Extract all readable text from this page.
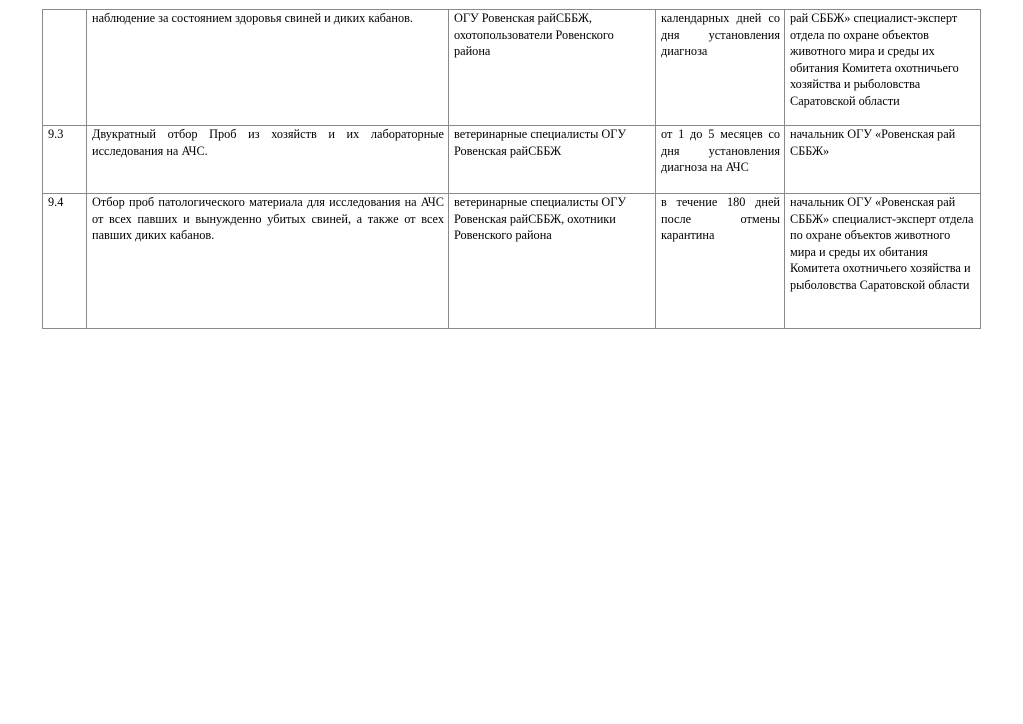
	наблюдение за состоянием здоровья свиней и диких кабанов.	ОГУ Ровенская райСББЖ, охотопользователи Ровенского района	календарных дней со дня установления диагноза	рай СББЖ» специалист-эксперт отдела по охране объектов животного мира и среды их обитания Комитета охотничьего хозяйства и рыболовства Саратовской области
9.3	Двукратный отбор Проб из хозяйств и их лабораторные исследования на АЧС.	ветеринарные специалисты ОГУ Ровенская райСББЖ	от 1 до 5 месяцев со дня установления диагноза на АЧС	начальник ОГУ «Ровенская рай СББЖ»
9.4	Отбор проб патологического материала для исследования на АЧС от всех павших и вынужденно убитых свиней, а также от всех павших диких кабанов.	ветеринарные специалисты ОГУ Ровенская райСББЖ, охотники Ровенского района	в течение 180 дней после отмены карантина	начальник ОГУ «Ровенская рай СББЖ» специалист-эксперт отдела по охране объектов животного мира и среды их обитания Комитета охотничьего хозяйства и рыболовства Саратовской области
